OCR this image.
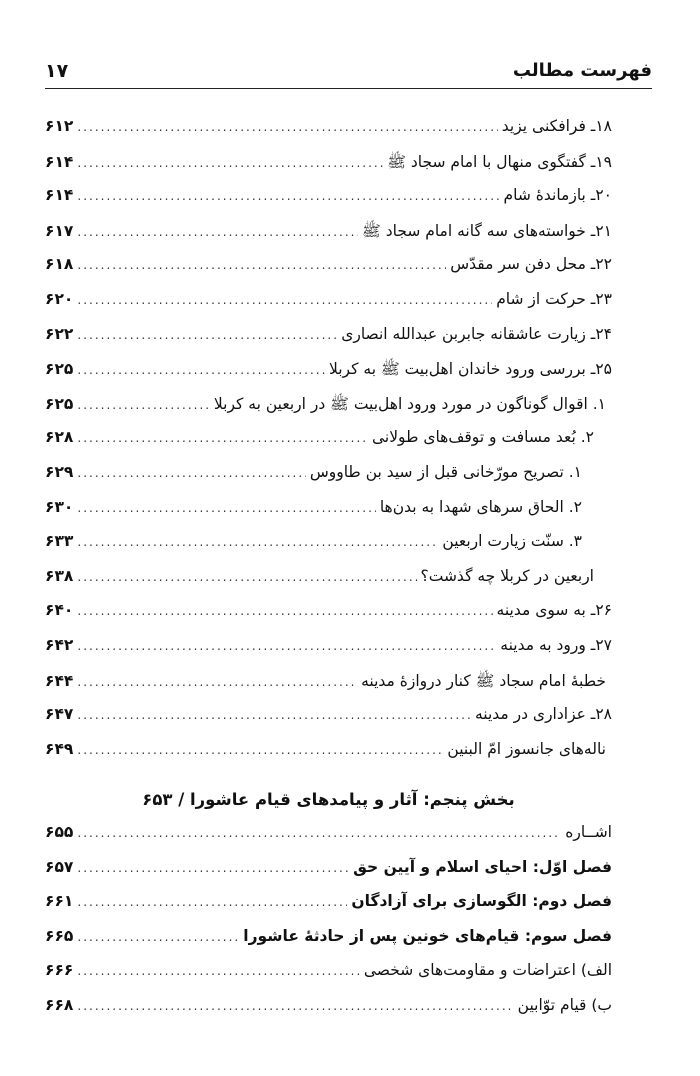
۱۷	فهرست مطالب
۱۸ـ فرافکنی یزید
.....
۶۱۲
۱۹ـ گفتگوی منهال با امام سجاد ﷺ
.....
۶۱۴
۲۰ـ بازماندهٔ شام
.....
۶۱۴
۲۱ـ خواسته‌های سه گانه امام سجاد ﷺ
.....
۶۱۷
۲۲ـ محل دفن سر مقدّس
.....
۶۱۸
۲۳ـ حرکت از شام
.....
۶۲۰
۲۴ـ زیارت عاشقانه جابربن عبدالله انصاری
.....
۶۲۲
۲۵ـ بررسی ورود خاندان اهل‌بیت ﷺ به کربلا
.....
۶۲۵
۱. اقوال گوناگون در مورد ورود اهل‌بیت ﷺ در اربعین به کربلا
.....
۶۲۵
۲. بُعد مسافت و توقف‌های طولانی
.....
۶۲۸
۱. تصریح مورّخانی قبل از سید بن طاووس
.....
۶۲۹
۲. الحاق سرهای شهدا به بدن‌ها
.....
۶۳۰
۳. سنّت زیارت اربعین
.....
۶۳۳
اربعین در کربلا چه گذشت؟
.....
۶۳۸
۲۶ـ به سوی مدینه
.....
۶۴۰
۲۷ـ ورود به مدینه
.....
۶۴۲
خطبهٔ امام سجاد ﷺ کنار دروازهٔ مدینه
.....
۶۴۴
۲۸ـ عزاداری در مدینه
.....
۶۴۷
ناله‌های جانسوز امّ البنین
.....
۶۴۹
بخش پنجم: آثار و پیامدهای قیام عاشورا / ۶۵۳
اشــاره
.....
۶۵۵
فصل اوّل: احیای اسلام و آیین حق
.....
۶۵۷
فصل دوم: الگوسازی برای آزادگان
.....
۶۶۱
فصل سوم: قیام‌های خونین پس از حادثهٔ عاشورا
.....
۶۶۵
الف) اعتراضات و مقاومت‌های شخصی
.....
۶۶۶
ب) قیام توّابین
.....
۶۶۸
